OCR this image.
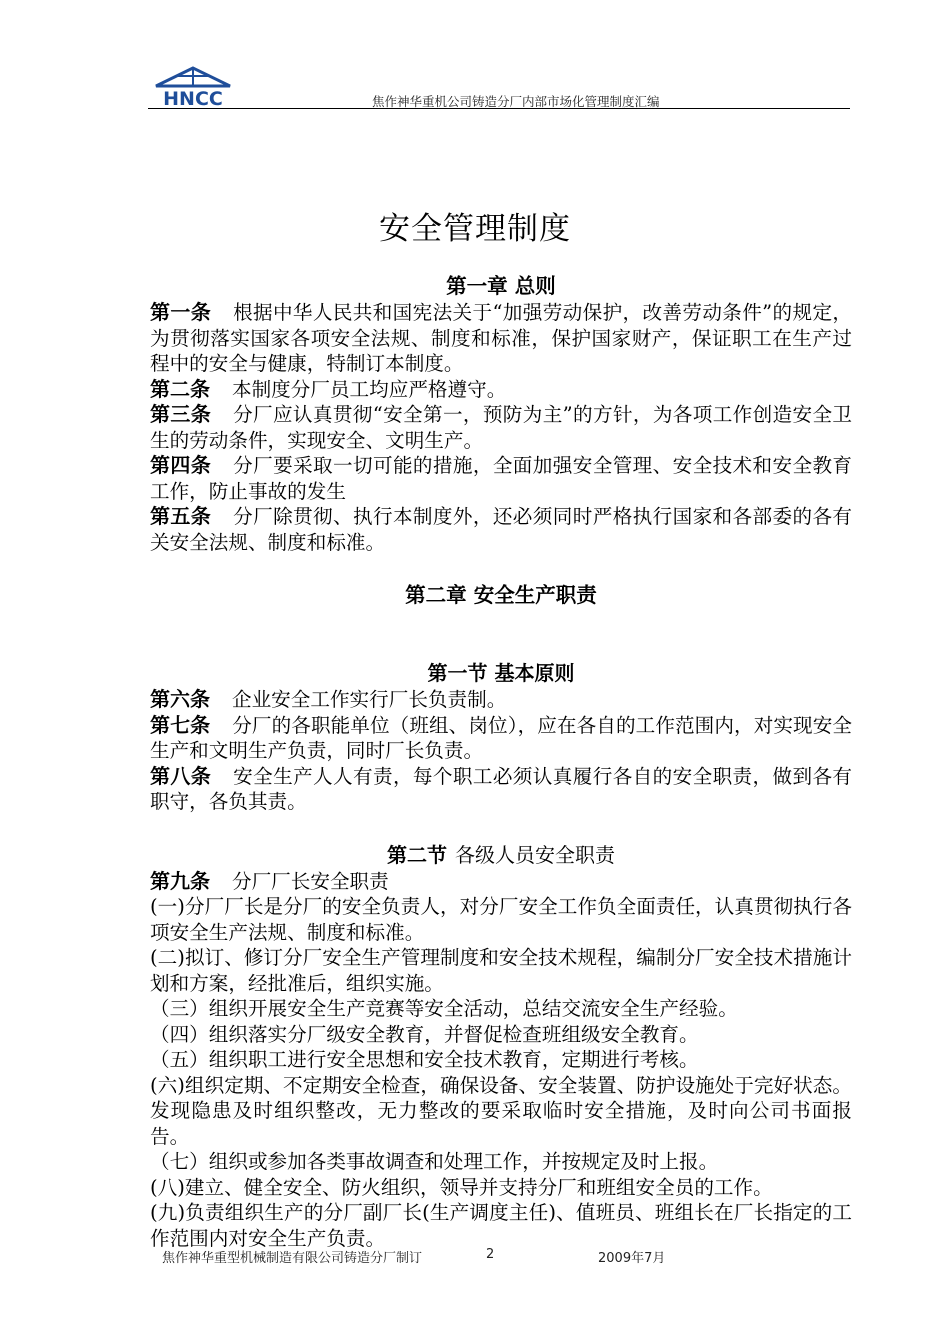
HNCC	焦作神华重机公司铸造分厂内部市场化管理制度汇编
安全管理制度
第一章 总则

第一条 根据中华人民共和国宪法关于“加强劳动保护，改善劳动条件”的规定，为贯彻落实国家各项安全法规、制度和标准，保护国家财产，保证职工在生产过程中的安全与健康，特制订本制度。

第二条 本制度分厂员工均应严格遵守。

第三条 分厂应认真贯彻“安全第一，预防为主”的方针，为各项工作创造安全卫生的劳动条件，实现安全、文明生产。

第四条 分厂要采取一切可能的措施，全面加强安全管理、安全技术和安全教育工作，防止事故的发生

第五条 分厂除贯彻、执行本制度外，还必须同时严格执行国家和各部委的各有关安全法规、制度和标准。

第二章 安全生产职责
第一节 基本原则

第六条 企业安全工作实行厂长负责制。

第七条 分厂的各职能单位（班组、岗位），应在各自的工作范围内，对实现安全生产和文明生产负责，同时厂长负责。

第八条 安全生产人人有责，每个职工必须认真履行各自的安全职责，做到各有职守，各负其责。

第二节 各级人员安全职责

第九条 分厂厂长安全职责

(一)分厂厂长是分厂的安全负责人，对分厂安全工作负全面责任，认真贯彻执行各项安全生产法规、制度和标准。

(二)拟订、修订分厂安全生产管理制度和安全技术规程，编制分厂安全技术措施计划和方案，经批准后，组织实施。

（三）组织开展安全生产竞赛等安全活动，总结交流安全生产经验。

（四）组织落实分厂级安全教育，并督促检查班组级安全教育。

（五）组织职工进行安全思想和安全技术教育，定期进行考核。

(六)组织定期、不定期安全检查，确保设备、安全装置、防护设施处于完好状态。发现隐患及时组织整改，无力整改的要采取临时安全措施，及时向公司书面报告。

（七）组织或参加各类事故调查和处理工作，并按规定及时上报。

(八)建立、健全安全、防火组织，领导并支持分厂和班组安全员的工作。

(九)负责组织生产的分厂副厂长(生产调度主任)、值班员、班组长在厂长指定的工作范围内对安全生产负责。

焦作神华重型机械制造有限公司铸造分厂制订	2	2009年7月
